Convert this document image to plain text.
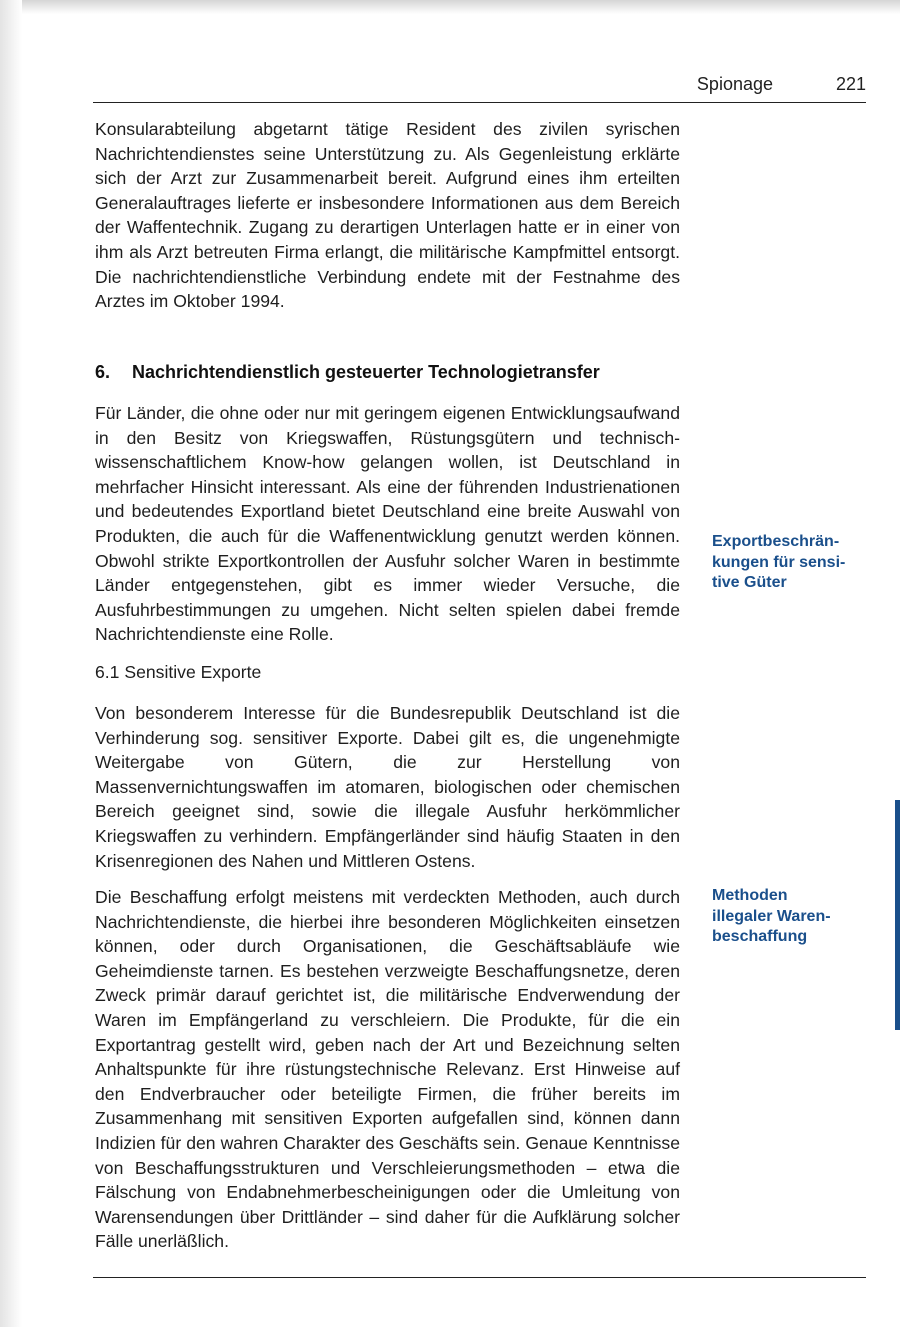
Spionage	221

Konsularabteilung abgetarnt tätige Resident des zivilen syrischen Nachrichtendienstes seine Unterstützung zu. Als Gegenleistung erklärte sich der Arzt zur Zusammenarbeit bereit. Aufgrund eines ihm erteilten Generalauftrages lieferte er insbesondere Informationen aus dem Bereich der Waffentechnik. Zugang zu derartigen Unterlagen hatte er in einer von ihm als Arzt betreuten Firma erlangt, die militärische Kampfmittel entsorgt. Die nachrichtendienstliche Verbindung endete mit der Festnahme des Arztes im Oktober 1994.

6. Nachrichtendienstlich gesteuerter Technologietransfer

Für Länder, die ohne oder nur mit geringem eigenen Entwicklungsaufwand in den Besitz von Kriegswaffen, Rüstungsgütern und technisch-wissenschaftlichem Know-how gelangen wollen, ist Deutschland in mehrfacher Hinsicht interessant. Als eine der führenden Industrienationen und bedeutendes Exportland bietet Deutschland eine breite Auswahl von Produkten, die auch für die Waffenentwicklung genutzt werden können. Obwohl strikte Exportkontrollen der Ausfuhr solcher Waren in bestimmte Länder entgegenstehen, gibt es immer wieder Versuche, die Ausfuhrbestimmungen zu umgehen. Nicht selten spielen dabei fremde Nachrichtendienste eine Rolle.

6.1 Sensitive Exporte

Von besonderem Interesse für die Bundesrepublik Deutschland ist die Verhinderung sog. sensitiver Exporte. Dabei gilt es, die ungenehmigte Weitergabe von Gütern, die zur Herstellung von Massenvernichtungswaffen im atomaren, biologischen oder chemischen Bereich geeignet sind, sowie die illegale Ausfuhr herkömmlicher Kriegswaffen zu verhindern. Empfängerländer sind häufig Staaten in den Krisenregionen des Nahen und Mittleren Ostens.

Die Beschaffung erfolgt meistens mit verdeckten Methoden, auch durch Nachrichtendienste, die hierbei ihre besonderen Möglichkeiten einsetzen können, oder durch Organisationen, die Geschäftsabläufe wie Geheimdienste tarnen. Es bestehen verzweigte Beschaffungsnetze, deren Zweck primär darauf gerichtet ist, die militärische Endverwendung der Waren im Empfängerland zu verschleiern. Die Produkte, für die ein Exportantrag gestellt wird, geben nach der Art und Bezeichnung selten Anhaltspunkte für ihre rüstungstechnische Relevanz. Erst Hinweise auf den Endverbraucher oder beteiligte Firmen, die früher bereits im Zusammenhang mit sensitiven Exporten aufgefallen sind, können dann Indizien für den wahren Charakter des Geschäfts sein. Genaue Kenntnisse von Beschaffungsstrukturen und Verschleierungsmethoden – etwa die Fälschung von Endabnehmerbescheinigungen oder die Umleitung von Warensendungen über Drittländer – sind daher für die Aufklärung solcher Fälle unerläßlich.

Exportbeschrän-
kungen für sensi-
tive Güter
Methoden
illegaler Waren-
beschaffung
